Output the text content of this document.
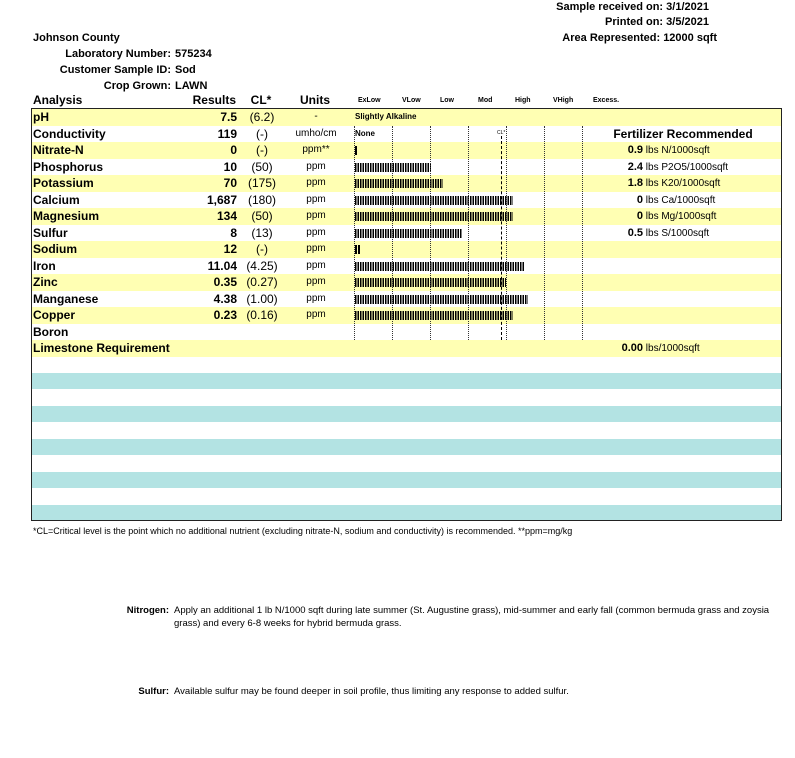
Sample received on: 3/1/2021
Printed on: 3/5/2021
Area Represented: 12000 sqft
Johnson County
Laboratory Number: 575234
Customer Sample ID: Sod
Crop Grown: LAWN
Analysis	Results	CL*	Units	ExLow	VLow	Low	Mod	High	VHigh	Excess.
pH	7.5	(6.2)	-	Slightly Alkaline
Conductivity	119	(-)	umho/cm	None	Fertilizer Recommended
Nitrate-N	0	(-)	ppm**	0.9 lbs N/1000sqft
Phosphorus	10	(50)	ppm	2.4 lbs P2O5/1000sqft
Potassium	70 (175)	ppm	1.8 lbs K20/1000sqft
Calcium	1,687 (180)	ppm	0 lbs Ca/1000sqft
Magnesium	134	(50)	ppm	0 lbs Mg/1000sqft
Sulfur	8	(13)	ppm	0.5 lbs S/1000sqft
Sodium	12	(-)	ppm
Iron	11.04 (4.25)	ppm
Zinc	0.35 (0.27)	ppm
Manganese	4.38 (1.00)	ppm
Copper	0.23 (0.16)	ppm
Boron
Limestone Requirement	0.00 lbs/1000sqft
CL*
*CL=Critical level is the point which no additional nutrient (excluding nitrate-N, sodium and conductivity) is recommended. **ppm=mg/kg
Nitrogen: Apply an additional 1 lb N/1000 sqft during late summer (St. Augustine grass), mid-summer and early fall (common bermuda grass and zoysia grass) and every 6-8 weeks for hybrid bermuda grass.
Sulfur: Available sulfur may be found deeper in soil profile, thus limiting any response to added sulfur.
